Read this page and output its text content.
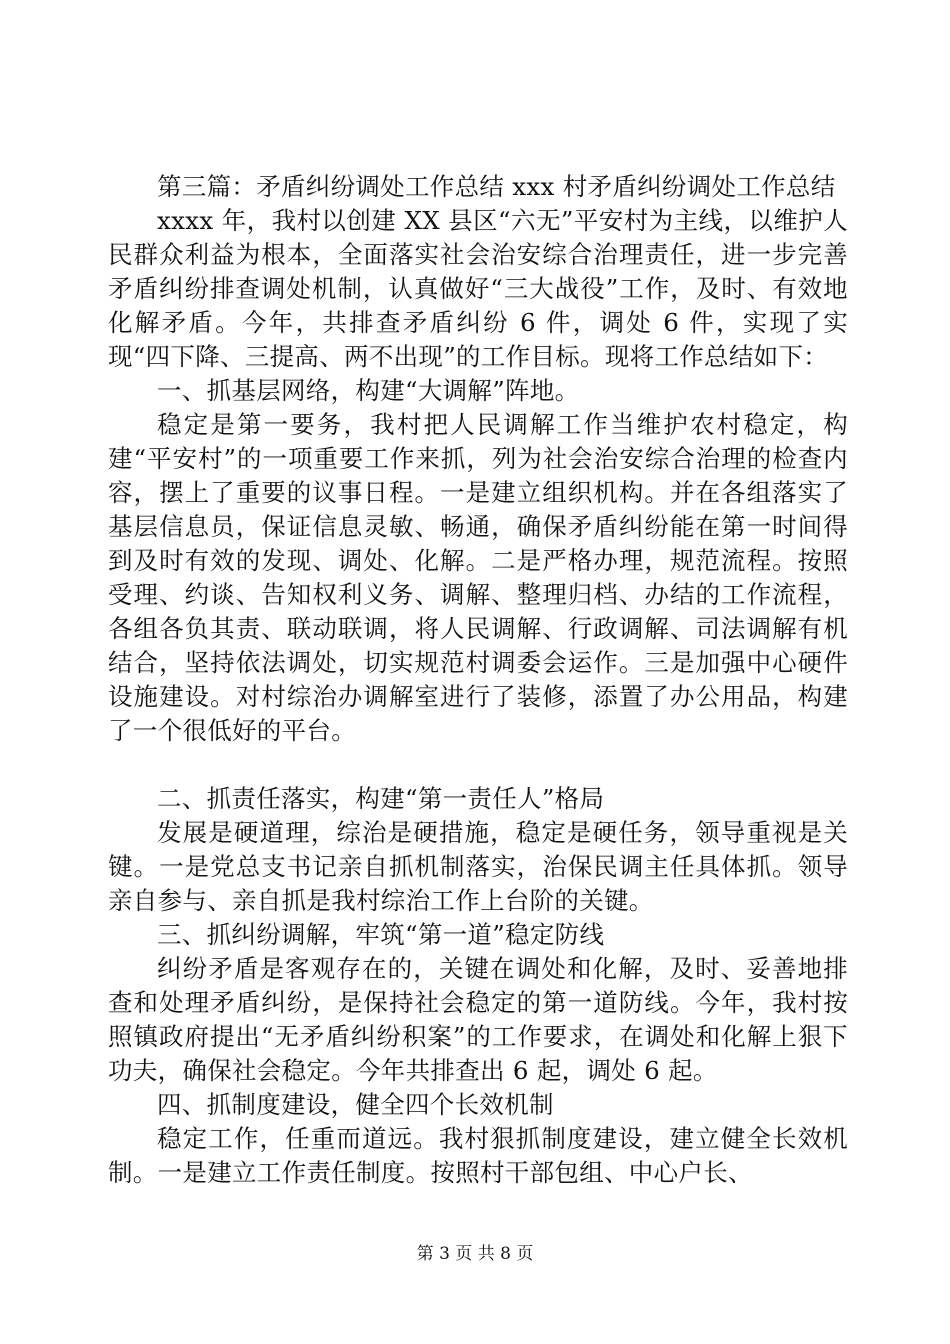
第三篇：矛盾纠纷调处工作总结 xxx 村矛盾纠纷调处工作总结

xxxx 年，我村以创建 XX 县区“六无”平安村为主线，以维护人民群众利益为根本，全面落实社会治安综合治理责任，进一步完善矛盾纠纷排查调处机制，认真做好“三大战役”工作，及时、有效地化解矛盾。今年，共排查矛盾纠纷 6 件，调处 6 件，实现了实现“四下降、三提高、两不出现”的工作目标。现将工作总结如下：

一、抓基层网络，构建“大调解”阵地。

稳定是第一要务，我村把人民调解工作当维护农村稳定，构建“平安村”的一项重要工作来抓，列为社会治安综合治理的检查内容，摆上了重要的议事日程。一是建立组织机构。并在各组落实了基层信息员，保证信息灵敏、畅通，确保矛盾纠纷能在第一时间得到及时有效的发现、调处、化解。二是严格办理，规范流程。按照受理、约谈、告知权利义务、调解、整理归档、办结的工作流程，各组各负其责、联动联调，将人民调解、行政调解、司法调解有机结合，坚持依法调处，切实规范村调委会运作。三是加强中心硬件设施建设。对村综治办调解室进行了装修，添置了办公用品，构建了一个很低好的平台。

二、抓责任落实，构建“第一责任人”格局

发展是硬道理，综治是硬措施，稳定是硬任务，领导重视是关键。一是党总支书记亲自抓机制落实，治保民调主任具体抓。领导亲自参与、亲自抓是我村综治工作上台阶的关键。

三、抓纠纷调解，牢筑“第一道”稳定防线

纠纷矛盾是客观存在的，关键在调处和化解，及时、妥善地排查和处理矛盾纠纷，是保持社会稳定的第一道防线。今年，我村按照镇政府提出“无矛盾纠纷积案”的工作要求，在调处和化解上狠下功夫，确保社会稳定。今年共排查出 6 起，调处 6 起。

四、抓制度建设，健全四个长效机制

稳定工作，任重而道远。我村狠抓制度建设，建立健全长效机制。一是建立工作责任制度。按照村干部包组、中心户长、

第 3 页 共 8 页
